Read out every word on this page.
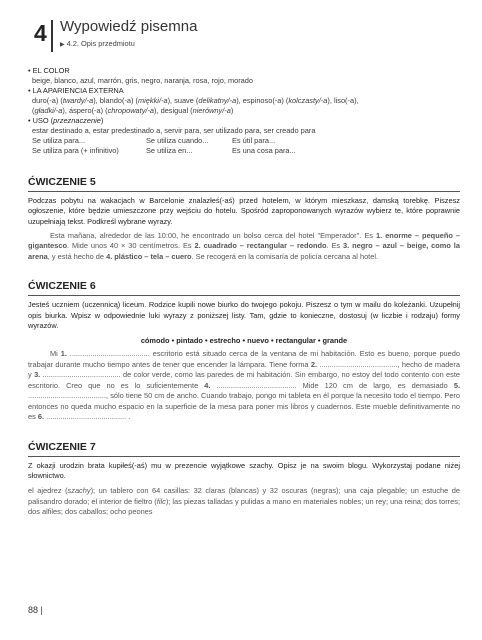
4 Wypowiedź pisemna
▶ 4.2. Opis przedmiotu
• EL COLOR
beige, blanco, azul, marrón, gris, negro, naranja, rosa, rojo, morado
• LA APARIENCIA EXTERNA
duro(-a) (twardy/-a), blando(-a) (miękki/-a), suave (delikatny/-a), espinoso(-a) (kolczasty/-a), liso(-a),
(gładki/-a), áspero(-a) (chropowaty/-a), desigual (nierówny/-a)
• USO (przeznaczenie)
estar destinado a, estar predestinado a, servir para, ser utilizado para, ser creado para
Se utiliza para...	Se utiliza cuando...	Es útil para...
Se utiliza para (+ infinitivo)	Se utiliza en...	Es una cosa para...
ĆWICZENIE 5

Podczas pobytu na wakacjach w Barcelonie znalazłeś(-aś) przed hotelem, w którym mieszkasz, damską torebkę. Piszesz ogłoszenie, które będzie umieszczone przy wejściu do hotelu. Spośród zaproponowanych wyrazów wybierz te, które poprawnie uzupełniają tekst. Podkreśl wybrane wyrazy.

Esta mañana, alrededor de las 10:00, he encontrado un bolso cerca del hotel "Emperador". Es 1. enorme – pequeño – gigantesco. Mide unos 40 × 30 centímetros. Es 2. cuadrado – rectangular – redondo. Es 3. negro – azul – beige, como la arena, y está hecho de 4. plástico – tela – cuero. Se recogerá en la comisaría de policía cercana al hotel.

ĆWICZENIE 6

Jesteś uczniem (uczennicą) liceum. Rodzice kupili nowe biurko do twojego pokoju. Piszesz o tym w mailu do koleżanki. Uzupełnij opis biurka. Wpisz w odpowiednie luki wyrazy z poniższej listy. Tam, gdzie to konieczne, dostosuj (w liczbie i rodzaju) formy wyrazów.

cómodo • pintado • estrecho • nuevo • rectangular • grande

Mi 1. ....................................... escritorio está situado cerca de la ventana de mi habitación. Esto es bueno, porque puedo trabajar durante mucho tiempo antes de tener que encender la lámpara. Tiene forma 2. ......................................, hecho de madera y 3. ...................................... de color verde, como las paredes de mi habitación. Sin embargo, no estoy del todo contento con este escritorio. Creo que no es lo suficientemente 4. ....................................... Mide 120 cm de largo, es demasiado 5. ......................................, sólo tiene 50 cm de ancho. Cuando trabajo, pongo mi tableta en él porque la necesito todo el tiempo. Pero entonces no queda mucho espacio en la superficie de la mesa para poner mis libros y cuadernos. Este mueble definitivamente no es 6. ....................................... .

ĆWICZENIE 7

Z okazji urodzin brata kupiłeś(-aś) mu w prezencie wyjątkowe szachy. Opisz je na swoim blogu. Wykorzystaj podane niżej słownictwo.

el ajedrez (szachy); un tablero con 64 casillas: 32 claras (blancas) y 32 oscuras (negras); una caja plegable; un estuche de palisandro dorado; el interior de fieltro (filc); las piezas talladas y pulidas a mano en materiales nobles; un rey; una reina; dos torres; dos alfiles; dos caballos; ocho peones

88 |
